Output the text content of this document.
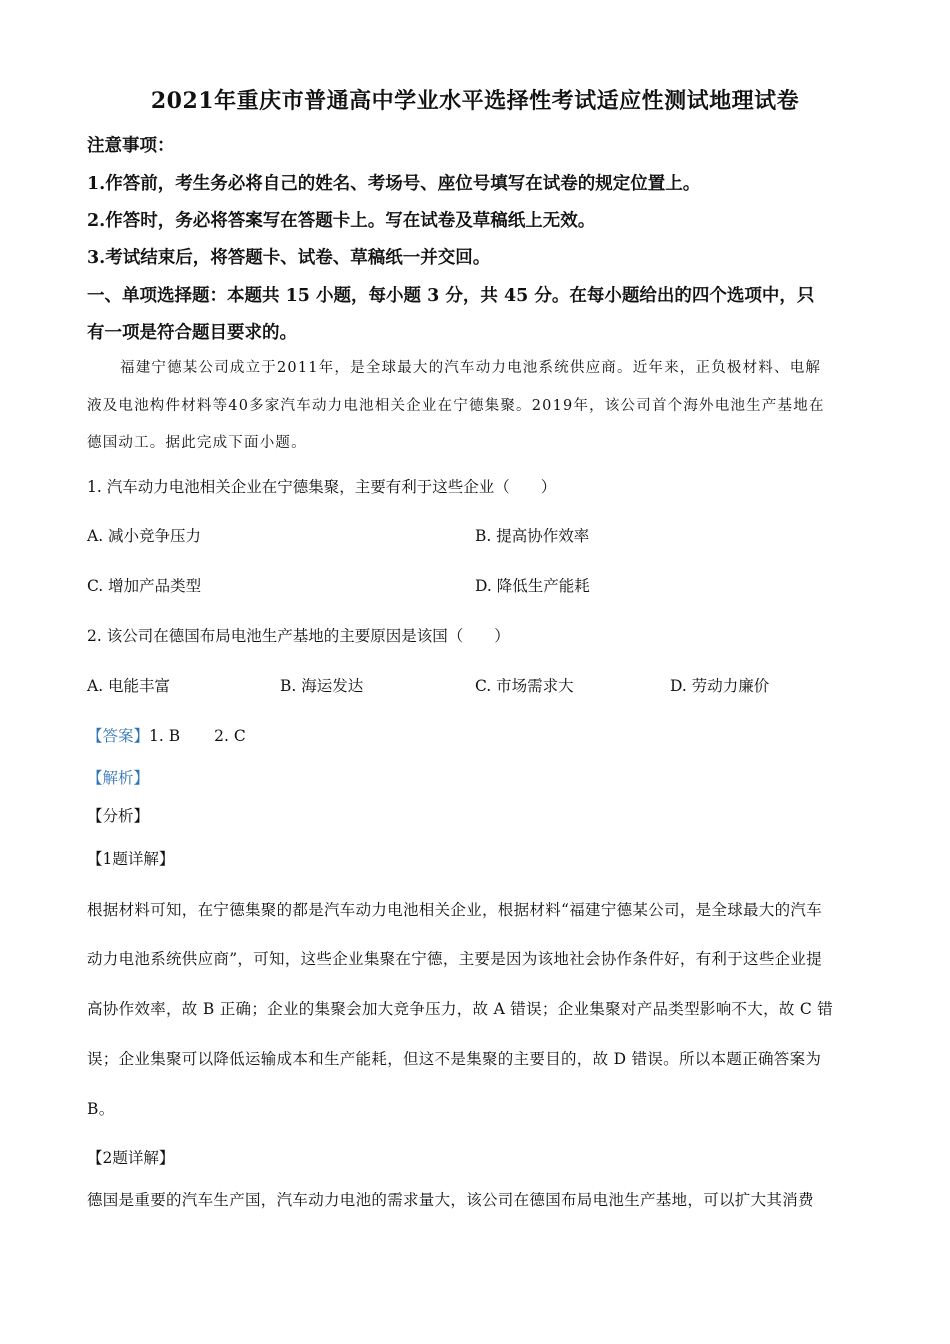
2021年重庆市普通高中学业水平选择性考试适应性测试地理试卷
注意事项：
1.作答前，考生务必将自己的姓名、考场号、座位号填写在试卷的规定位置上。
2.作答时，务必将答案写在答题卡上。写在试卷及草稿纸上无效。
3.考试结束后，将答题卡、试卷、草稿纸一并交回。
一、单项选择题：本题共 15 小题，每小题 3 分，共 45 分。在每小题给出的四个选项中，只
有一项是符合题目要求的。
福建宁德某公司成立于2011年，是全球最大的汽车动力电池系统供应商。近年来，正负极材料、电解
液及电池构件材料等40多家汽车动力电池相关企业在宁德集聚。2019年，该公司首个海外电池生产基地在
德国动工。据此完成下面小题。
1. 汽车动力电池相关企业在宁德集聚，主要有利于这些企业（　　）
A. 减小竞争压力	B. 提高协作效率
C. 增加产品类型	D. 降低生产能耗
2. 该公司在德国布局电池生产基地的主要原因是该国（　　）
A. 电能丰富	B. 海运发达	C. 市场需求大	D. 劳动力廉价
【答案】1. B 2. C
【解析】
【分析】
【1题详解】
根据材料可知，在宁德集聚的都是汽车动力电池相关企业，根据材料“福建宁德某公司，是全球最大的汽车
动力电池系统供应商”，可知，这些企业集聚在宁德，主要是因为该地社会协作条件好，有利于这些企业提
高协作效率，故 B 正确；企业的集聚会加大竞争压力，故 A 错误；企业集聚对产品类型影响不大，故 C 错
误；企业集聚可以降低运输成本和生产能耗，但这不是集聚的主要目的，故 D 错误。所以本题正确答案为
B。
【2题详解】
德国是重要的汽车生产国，汽车动力电池的需求量大，该公司在德国布局电池生产基地，可以扩大其消费
